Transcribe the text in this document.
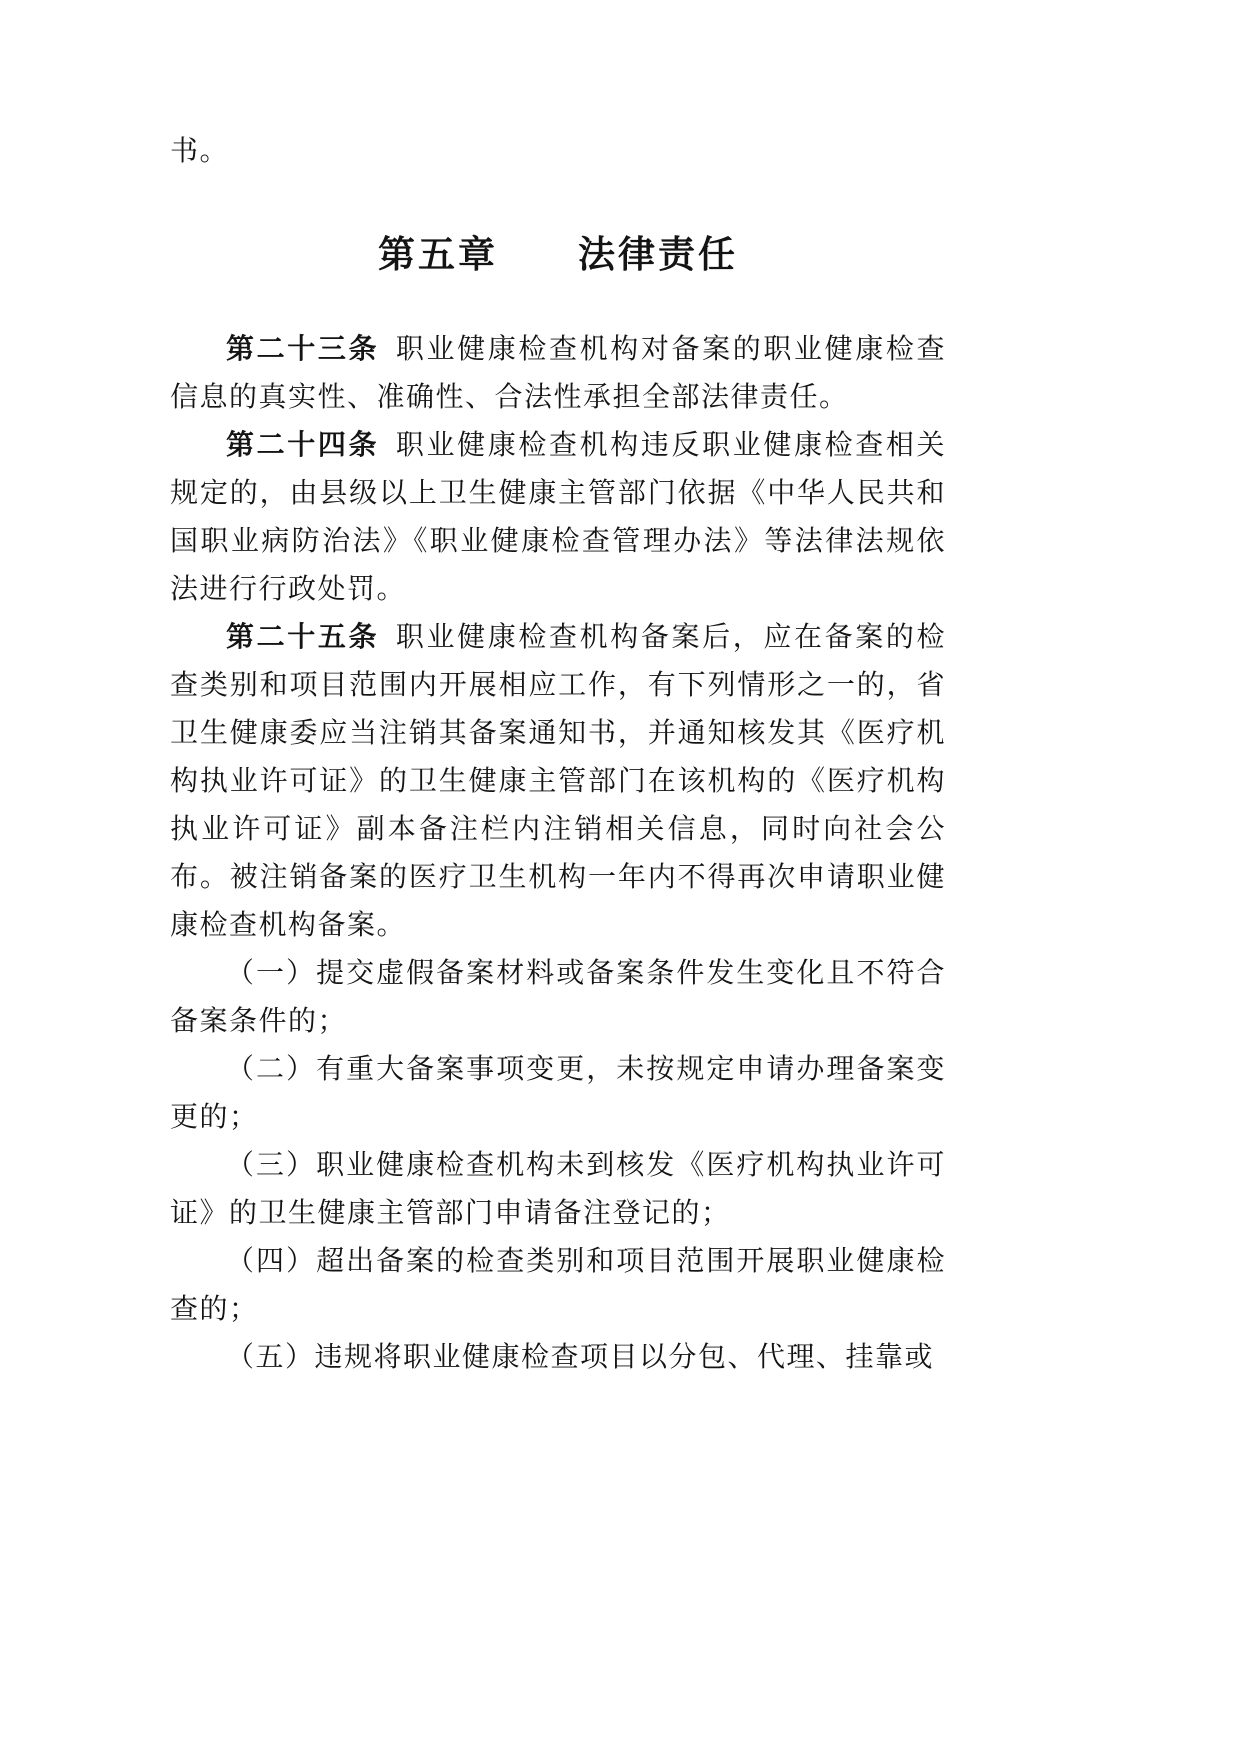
书。

第五章　　法律责任

第二十三条 职业健康检查机构对备案的职业健康检查信息的真实性、准确性、合法性承担全部法律责任。

第二十四条 职业健康检查机构违反职业健康检查相关规定的，由县级以上卫生健康主管部门依据《中华人民共和国职业病防治法》《职业健康检查管理办法》等法律法规依法进行行政处罚。

第二十五条 职业健康检查机构备案后，应在备案的检查类别和项目范围内开展相应工作，有下列情形之一的，省卫生健康委应当注销其备案通知书，并通知核发其《医疗机构执业许可证》的卫生健康主管部门在该机构的《医疗机构执业许可证》副本备注栏内注销相关信息，同时向社会公布。被注销备案的医疗卫生机构一年内不得再次申请职业健康检查机构备案。

（一）提交虚假备案材料或备案条件发生变化且不符合备案条件的；

（二）有重大备案事项变更，未按规定申请办理备案变更的；

（三）职业健康检查机构未到核发《医疗机构执业许可证》的卫生健康主管部门申请备注登记的；

（四）超出备案的检查类别和项目范围开展职业健康检查的；

（五）违规将职业健康检查项目以分包、代理、挂靠或
